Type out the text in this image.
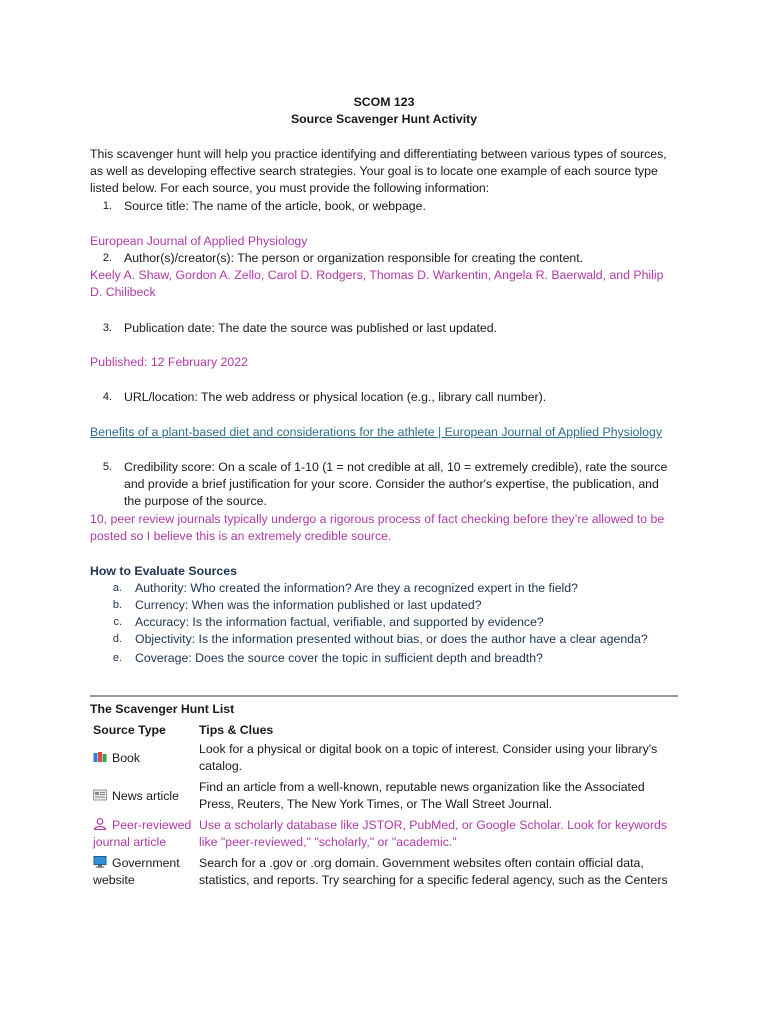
SCOM 123
Source Scavenger Hunt Activity
This scavenger hunt will help you practice identifying and differentiating between various types of sources, as well as developing effective search strategies. Your goal is to locate one example of each source type listed below. For each source, you must provide the following information:
1. Source title: The name of the article, book, or webpage.
European Journal of Applied Physiology
2. Author(s)/creator(s): The person or organization responsible for creating the content.
Keely A. Shaw, Gordon A. Zello, Carol D. Rodgers, Thomas D. Warkentin, Angela R. Baerwald, and Philip D. Chilibeck
3. Publication date: The date the source was published or last updated.
Published: 12 February 2022
4. URL/location: The web address or physical location (e.g., library call number).
Benefits of a plant-based diet and considerations for the athlete | European Journal of Applied Physiology
5. Credibility score: On a scale of 1-10 (1 = not credible at all, 10 = extremely credible), rate the source and provide a brief justification for your score. Consider the author's expertise, the publication, and the purpose of the source.
10, peer review journals typically undergo a rigorous process of fact checking before they’re allowed to be posted so I believe this is an extremely credible source.
How to Evaluate Sources
a. Authority: Who created the information? Are they a recognized expert in the field?
b. Currency: When was the information published or last updated?
c. Accuracy: Is the information factual, verifiable, and supported by evidence?
d. Objectivity: Is the information presented without bias, or does the author have a clear agenda?
e. Coverage: Does the source cover the topic in sufficient depth and breadth?
The Scavenger Hunt List
Source Type	Tips & Clues
Book	Look for a physical or digital book on a topic of interest. Consider using your library's catalog.
News article	Find an article from a well-known, reputable news organization like the Associated Press, Reuters, The New York Times, or The Wall Street Journal.
Peer-reviewed journal article	Use a scholarly database like JSTOR, PubMed, or Google Scholar. Look for keywords like "peer-reviewed," "scholarly," or "academic."
Government website	Search for a .gov or .org domain. Government websites often contain official data, statistics, and reports. Try searching for a specific federal agency, such as the Centers
